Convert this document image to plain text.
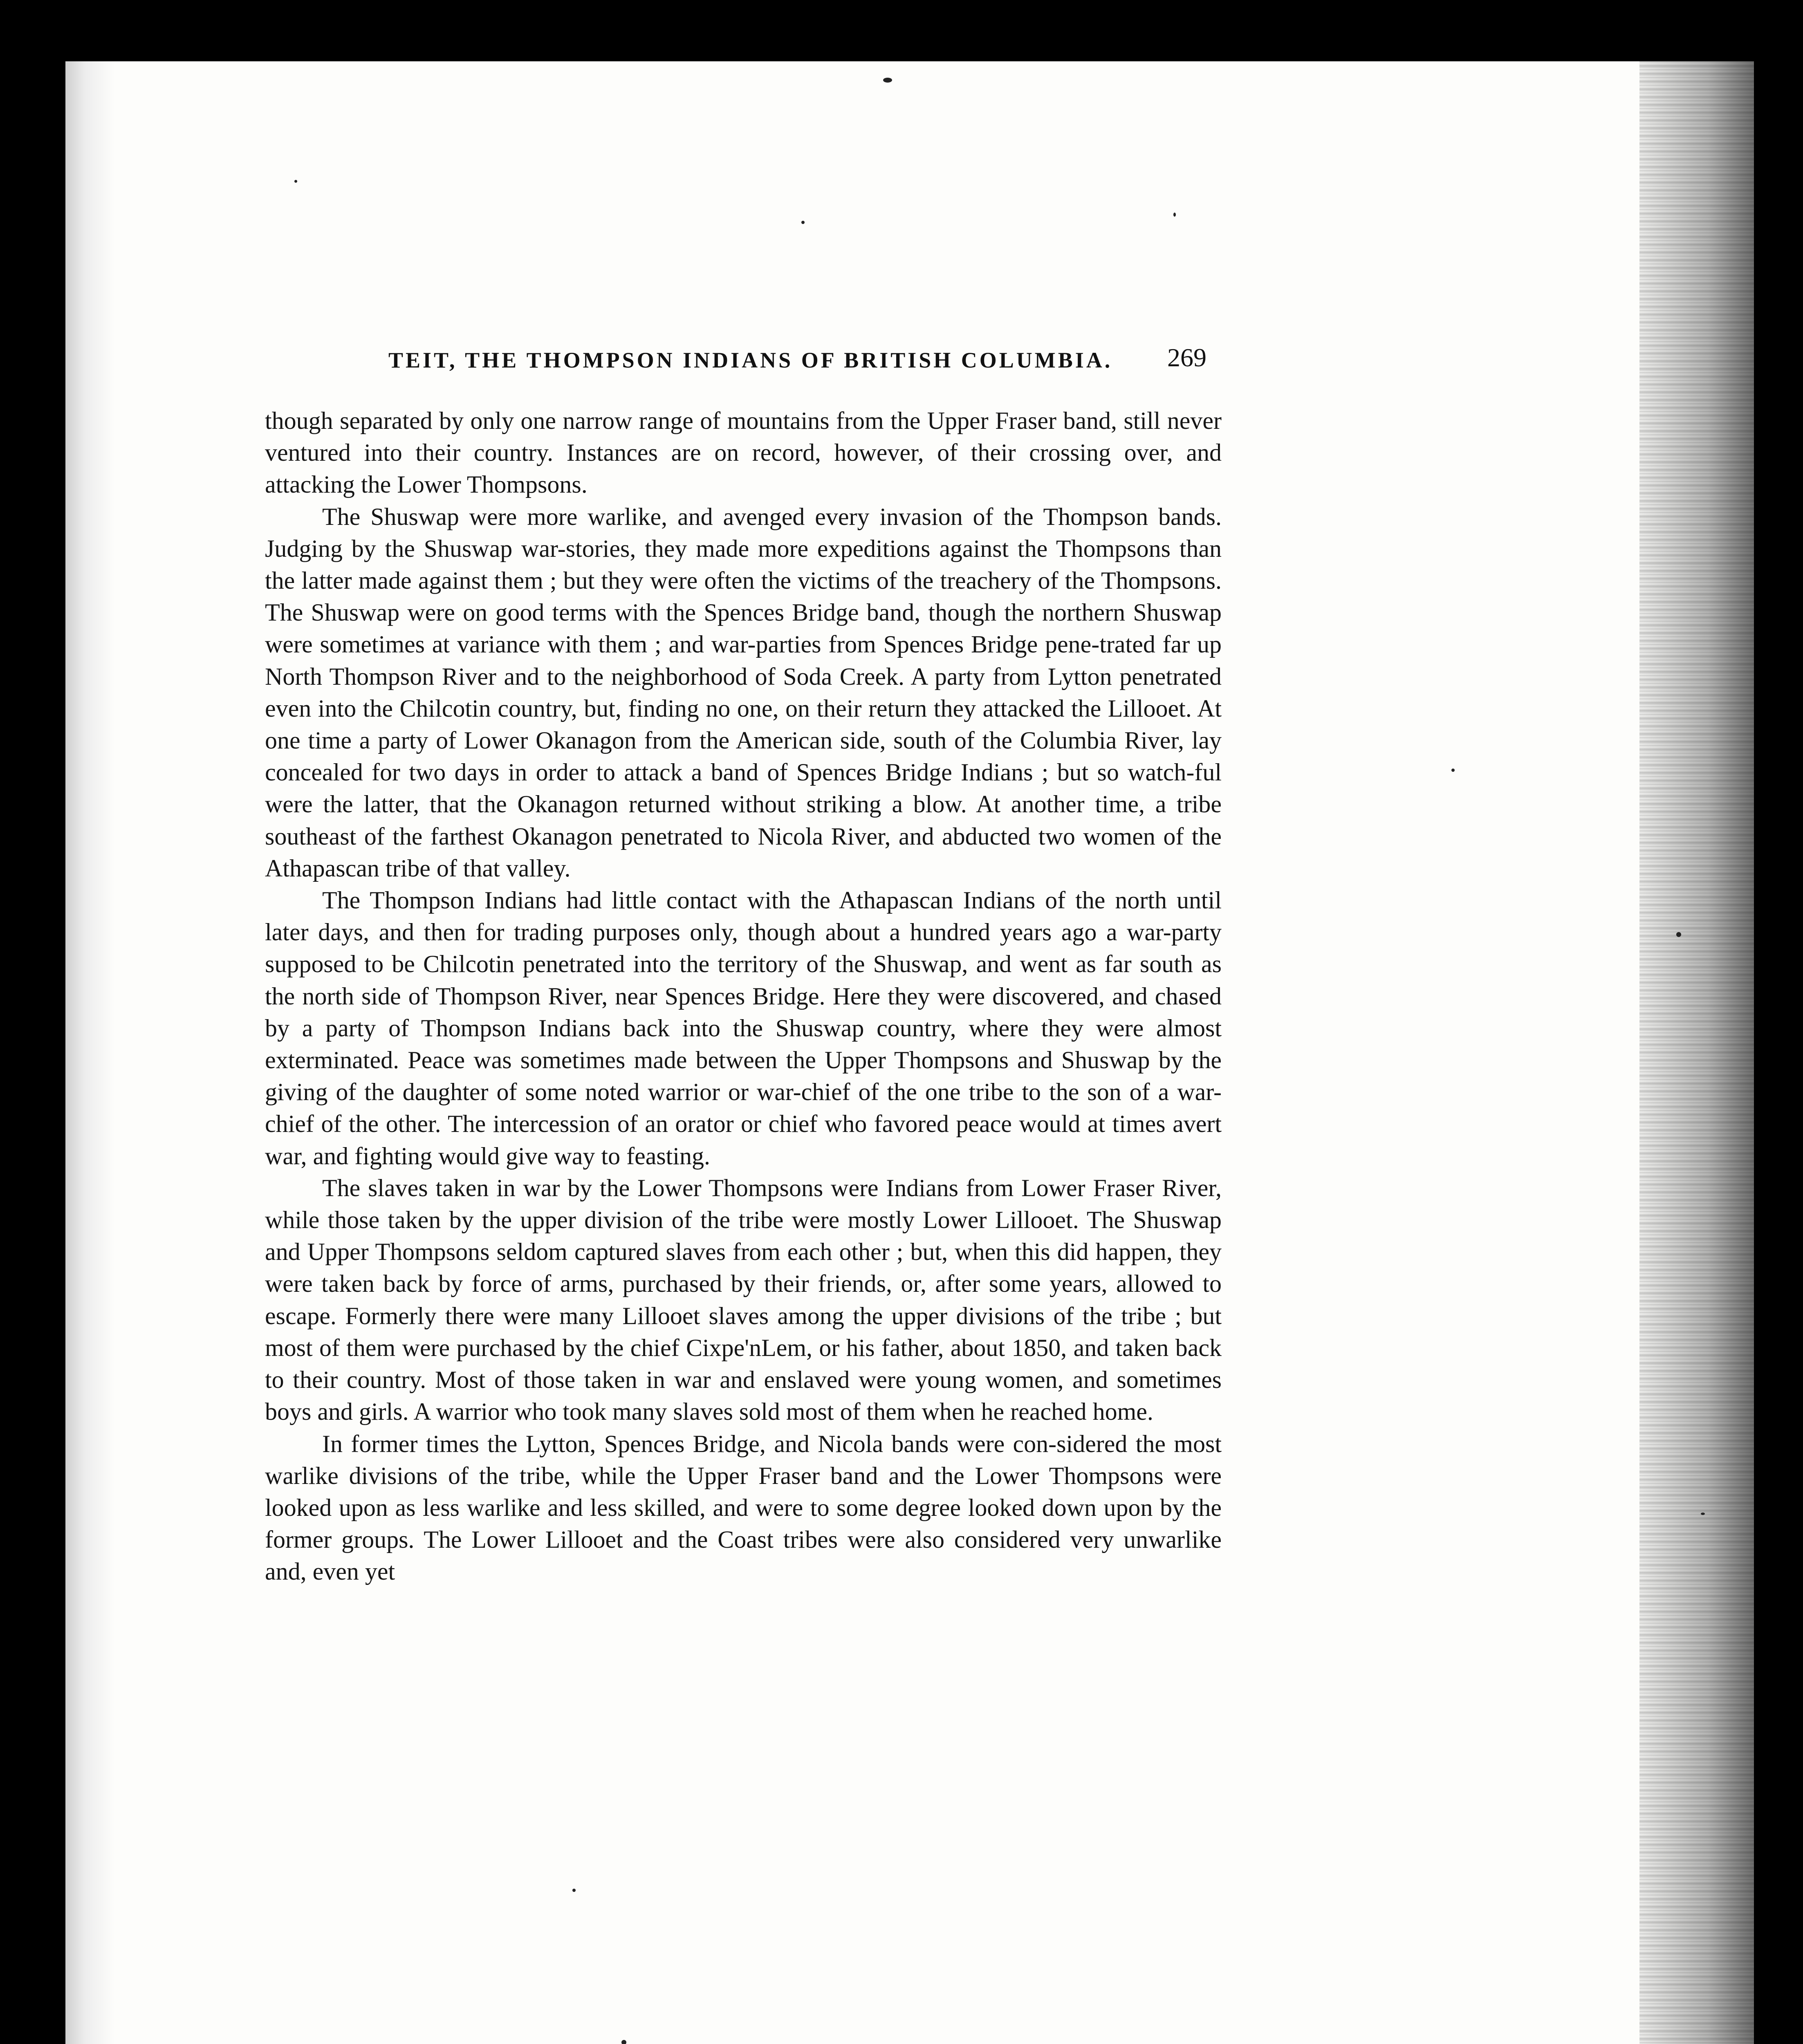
TEIT, THE THOMPSON INDIANS OF BRITISH COLUMBIA.	269

though separated by only one narrow range of mountains from the Upper Fraser band, still never ventured into their country. Instances are on record, however, of their crossing over, and attacking the Lower Thompsons.

The Shuswap were more warlike, and avenged every invasion of the Thompson bands. Judging by the Shuswap war-stories, they made more expeditions against the Thompsons than the latter made against them ; but they were often the victims of the treachery of the Thompsons. The Shuswap were on good terms with the Spences Bridge band, though the northern Shuswap were sometimes at variance with them ; and war-parties from Spences Bridge pene-trated far up North Thompson River and to the neighborhood of Soda Creek. A party from Lytton penetrated even into the Chilcotin country, but, finding no one, on their return they attacked the Lillooet. At one time a party of Lower Okanagon from the American side, south of the Columbia River, lay concealed for two days in order to attack a band of Spences Bridge Indians ; but so watch-ful were the latter, that the Okanagon returned without striking a blow. At another time, a tribe southeast of the farthest Okanagon penetrated to Nicola River, and abducted two women of the Athapascan tribe of that valley.

The Thompson Indians had little contact with the Athapascan Indians of the north until later days, and then for trading purposes only, though about a hundred years ago a war-party supposed to be Chilcotin penetrated into the territory of the Shuswap, and went as far south as the north side of Thompson River, near Spences Bridge. Here they were discovered, and chased by a party of Thompson Indians back into the Shuswap country, where they were almost exterminated. Peace was sometimes made between the Upper Thompsons and Shuswap by the giving of the daughter of some noted warrior or war-chief of the one tribe to the son of a war-chief of the other. The intercession of an orator or chief who favored peace would at times avert war, and fighting would give way to feasting.

The slaves taken in war by the Lower Thompsons were Indians from Lower Fraser River, while those taken by the upper division of the tribe were mostly Lower Lillooet. The Shuswap and Upper Thompsons seldom captured slaves from each other ; but, when this did happen, they were taken back by force of arms, purchased by their friends, or, after some years, allowed to escape. Formerly there were many Lillooet slaves among the upper divisions of the tribe ; but most of them were purchased by the chief Cixpe'nLem, or his father, about 1850, and taken back to their country. Most of those taken in war and enslaved were young women, and sometimes boys and girls. A warrior who took many slaves sold most of them when he reached home.

In former times the Lytton, Spences Bridge, and Nicola bands were con-sidered the most warlike divisions of the tribe, while the Upper Fraser band and the Lower Thompsons were looked upon as less warlike and less skilled, and were to some degree looked down upon by the former groups. The Lower Lillooet and the Coast tribes were also considered very unwarlike and, even yet
